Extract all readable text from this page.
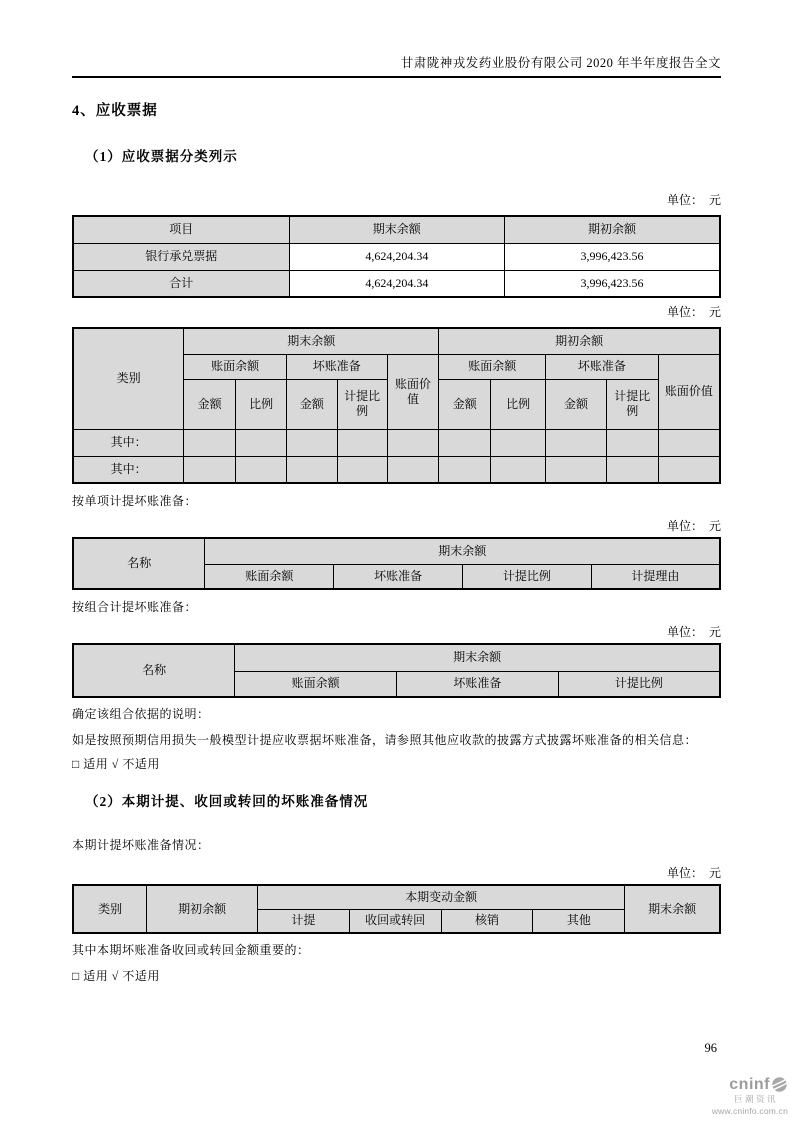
甘肃陇神戎发药业股份有限公司 2020 年半年度报告全文
4、应收票据
（1）应收票据分类列示
单位：  元
项目	期末余额	期初余额
银行承兑票据	4,624,204.34	3,996,423.56
合计	4,624,204.34	3,996,423.56
单位：  元
类别	期末余额					期初余额				
	账面余额		坏账准备		账面价值	账面余额		坏账准备		账面价值
	金额	比例	金额	计提比例		金额	比例	金额	计提比例	
其中：										
其中：										
按单项计提坏账准备：
单位：  元
名称	期末余额			
	账面余额	坏账准备	计提比例	计提理由
按组合计提坏账准备：
单位：  元
名称	期末余额		
	账面余额	坏账准备	计提比例
确定该组合依据的说明：
如是按照预期信用损失一般模型计提应收票据坏账准备，请参照其他应收款的披露方式披露坏账准备的相关信息：
□ 适用 √ 不适用
（2）本期计提、收回或转回的坏账准备情况
本期计提坏账准备情况：
单位：  元
类别	期初余额	本期变动金额				期末余额
		计提	收回或转回	核销	其他	
其中本期坏账准备收回或转回金额重要的：
□ 适用 √ 不适用
96
cninf
巨潮资讯
www.cninfo.com.cn
